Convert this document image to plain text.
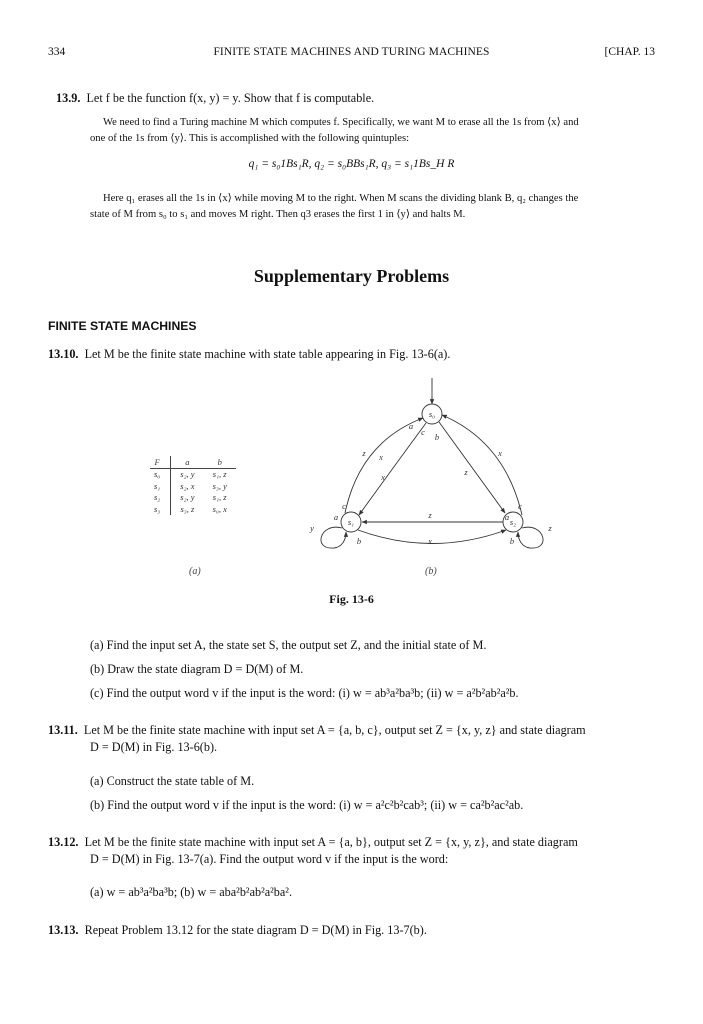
334	FINITE STATE MACHINES AND TURING MACHINES	[CHAP. 13
13.9. Let f be the function f(x, y) = y. Show that f is computable.
We need to find a Turing machine M which computes f. Specifically, we want M to erase all the 1s from ⟨x⟩ and
one of the 1s from ⟨y⟩. This is accomplished with the following quintuples:
q₁ = s₀1Bs₁R, q₂ = s₀BBs₁R, q₃ = s₁1Bs_H R
Here q₁ erases all the 1s in ⟨x⟩ while moving M to the right. When M scans the dividing blank B, q₂ changes the
state of M from s₀ to s₁ and moves M right. Then q3 erases the first 1 in ⟨y⟩ and halts M.
Supplementary Problems
FINITE STATE MACHINES
13.10. Let M be the finite state machine with state table appearing in Fig. 13-6(a).
F	a	b
s₀	s₂, y	s₁, z
s₁	s₂, x	s₃, y
s₂	s₂, y	s₁, z
s₃	s₃, z	s₀, x
(a)
s₀
s₁	s₂
a
c b
z x
x	z
x
c
a
y
b
z
x
c
a
z
b
(b)
Fig. 13-6
(a) Find the input set A, the state set S, the output set Z, and the initial state of M.
(b) Draw the state diagram D = D(M) of M.
(c) Find the output word v if the input is the word: (i) w = ab³a²ba³b; (ii) w = a²b²ab²a²b.
13.11. Let M be the finite state machine with input set A = {a, b, c}, output set Z = {x, y, z} and state diagram
D = D(M) in Fig. 13-6(b).
(a) Construct the state table of M.
(b) Find the output word v if the input is the word: (i) w = a²c²b²cab³; (ii) w = ca²b²ac²ab.
13.12. Let M be the finite state machine with input set A = {a, b}, output set Z = {x, y, z}, and state diagram
D = D(M) in Fig. 13-7(a). Find the output word v if the input is the word:
(a) w = ab³a²ba³b; (b) w = aba²b²ab²a²ba².
13.13. Repeat Problem 13.12 for the state diagram D = D(M) in Fig. 13-7(b).
